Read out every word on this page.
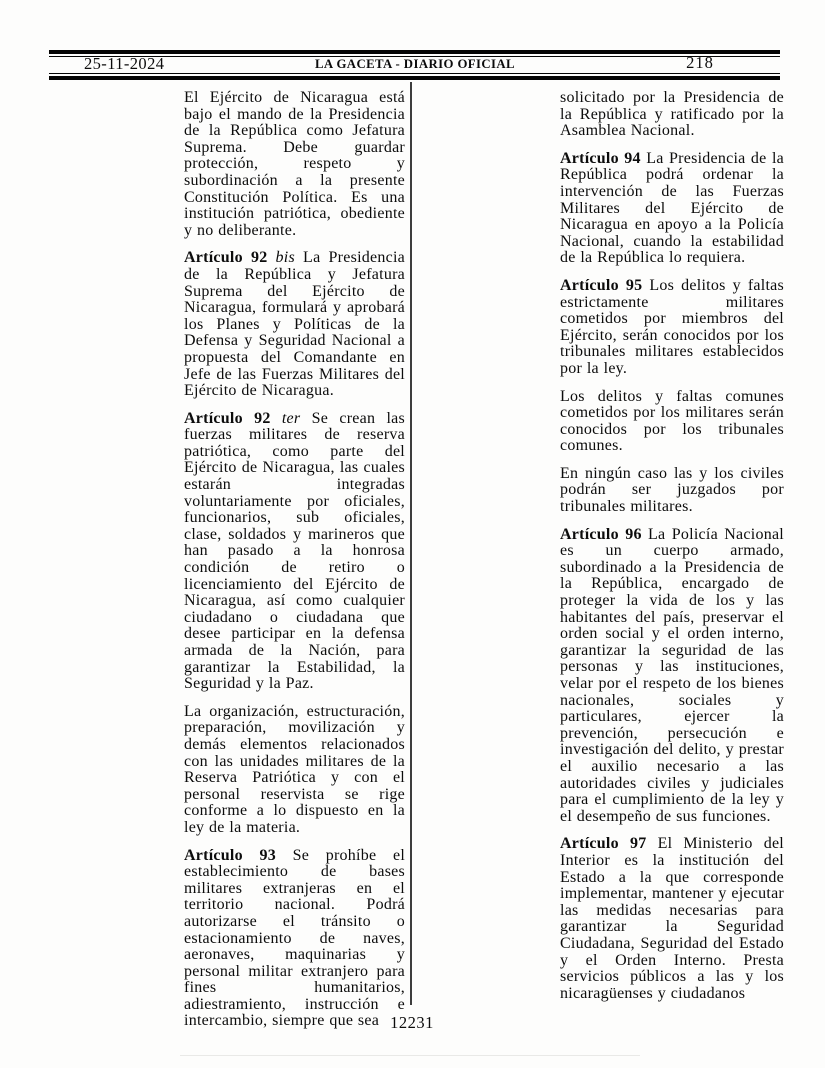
25-11-2024	LA GACETA - DIARIO OFICIAL	218

El Ejército de Nicaragua está bajo el mando de la Presidencia de la República como Jefatura Suprema. Debe guardar protección, respeto y subordinación a la presente Constitución Política. Es una institución patriótica, obediente y no deliberante.

Artículo 92 bis La Presidencia de la República y Jefatura Suprema del Ejército de Nicaragua, formulará y aprobará los Planes y Políticas de la Defensa y Seguridad Nacional a propuesta del Comandante en Jefe de las Fuerzas Militares del Ejército de Nicaragua.

Artículo 92 ter Se crean las fuerzas militares de reserva patriótica, como parte del Ejército de Nicaragua, las cuales estarán integradas voluntariamente por oficiales, funcionarios, sub oficiales, clase, soldados y marineros que han pasado a la honrosa condición de retiro o licenciamiento del Ejército de Nicaragua, así como cualquier ciudadano o ciudadana que desee participar en la defensa armada de la Nación, para garantizar la Estabilidad, la Seguridad y la Paz.

La organización, estructuración, preparación, movilización y demás elementos relacionados con las unidades militares de la Reserva Patriótica y con el personal reservista se rige conforme a lo dispuesto en la ley de la materia.

Artículo 93 Se prohíbe el establecimiento de bases militares extranjeras en el territorio nacional. Podrá autorizarse el tránsito o estacionamiento de naves, aeronaves, maquinarias y personal militar extranjero para fines humanitarios, adiestramiento, instrucción e intercambio, siempre que sea

solicitado por la Presidencia de la República y ratificado por la Asamblea Nacional.

Artículo 94 La Presidencia de la República podrá ordenar la intervención de las Fuerzas Militares del Ejército de Nicaragua en apoyo a la Policía Nacional, cuando la estabilidad de la República lo requiera.

Artículo 95 Los delitos y faltas estrictamente militares cometidos por miembros del Ejército, serán conocidos por los tribunales militares establecidos por la ley.

Los delitos y faltas comunes cometidos por los militares serán conocidos por los tribunales comunes.

En ningún caso las y los civiles podrán ser juzgados por tribunales militares.

Artículo 96 La Policía Nacional es un cuerpo armado, subordinado a la Presidencia de la República, encargado de proteger la vida de los y las habitantes del país, preservar el orden social y el orden interno, garantizar la seguridad de las personas y las instituciones, velar por el respeto de los bienes nacionales, sociales y particulares, ejercer la prevención, persecución e investigación del delito, y prestar el auxilio necesario a las autoridades civiles y judiciales para el cumplimiento de la ley y el desempeño de sus funciones.

Artículo 97 El Ministerio del Interior es la institución del Estado a la que corresponde implementar, mantener y ejecutar las medidas necesarias para garantizar la Seguridad Ciudadana, Seguridad del Estado y el Orden Interno. Presta servicios públicos a las y los nicaragüenses y ciudadanos

12231
